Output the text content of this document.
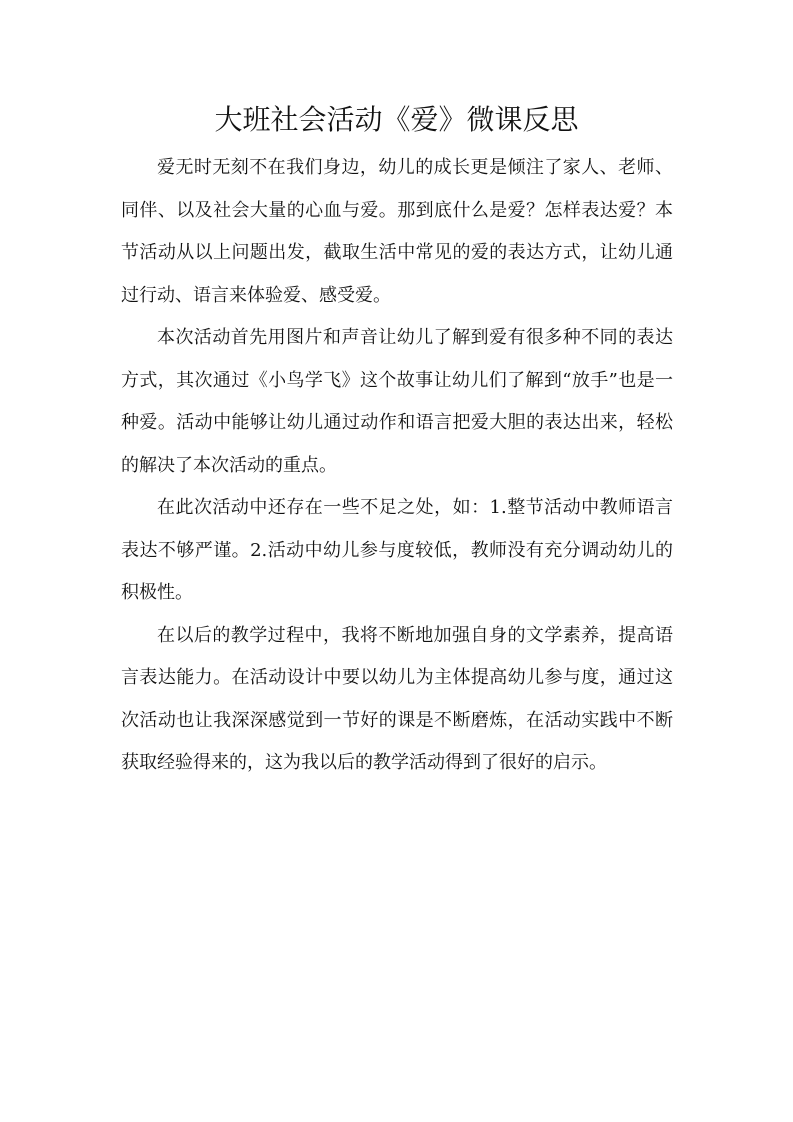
大班社会活动《爱》微课反思

爱无时无刻不在我们身边，幼儿的成长更是倾注了家人、老师、同伴、以及社会大量的心血与爱。那到底什么是爱？怎样表达爱？本节活动从以上问题出发，截取生活中常见的爱的表达方式，让幼儿通过行动、语言来体验爱、感受爱。

本次活动首先用图片和声音让幼儿了解到爱有很多种不同的表达方式，其次通过《小鸟学飞》这个故事让幼儿们了解到“放手”也是一种爱。活动中能够让幼儿通过动作和语言把爱大胆的表达出来，轻松的解决了本次活动的重点。

在此次活动中还存在一些不足之处，如：1.整节活动中教师语言表达不够严谨。2.活动中幼儿参与度较低，教师没有充分调动幼儿的积极性。

在以后的教学过程中，我将不断地加强自身的文学素养，提高语言表达能力。在活动设计中要以幼儿为主体提高幼儿参与度，通过这次活动也让我深深感觉到一节好的课是不断磨炼，在活动实践中不断获取经验得来的，这为我以后的教学活动得到了很好的启示。
